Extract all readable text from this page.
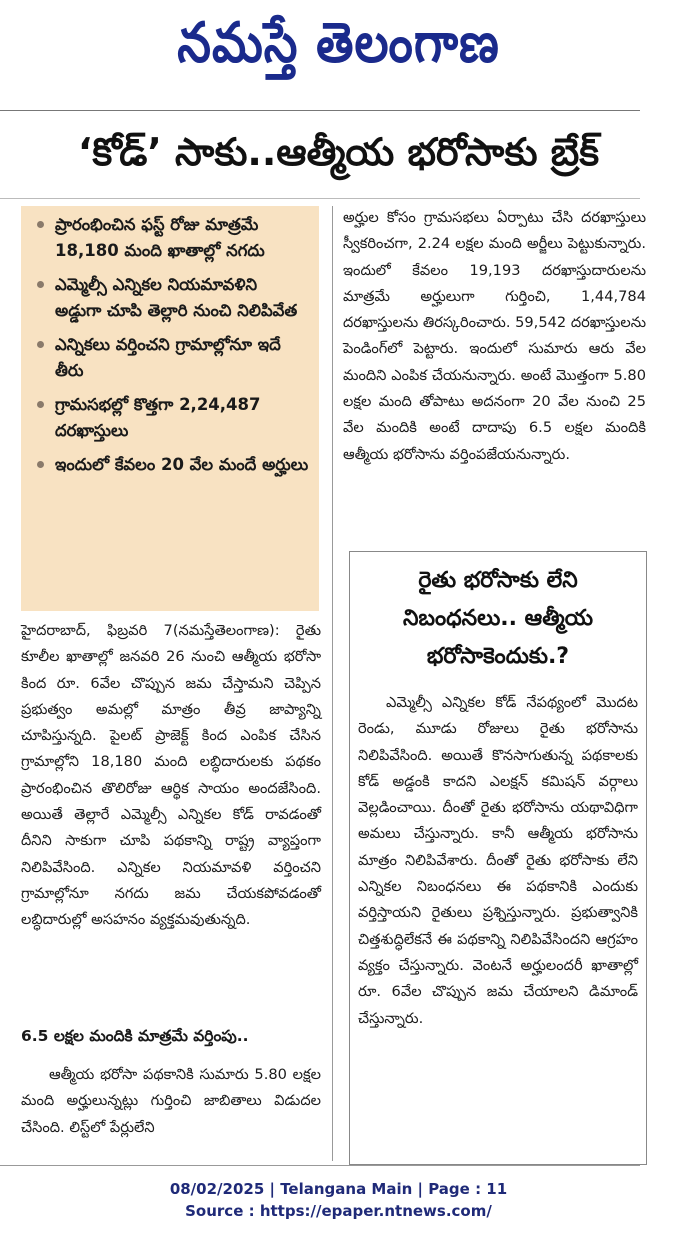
నమస్తే తెలంగాణ
‘కోడ్’ సాకు..ఆత్మీయ భరోసాకు బ్రేక్
ప్రారంభించిన ఫస్ట్ రోజు మాత్రమే 18,180 మంది ఖాతాల్లో నగదు
ఎమ్మెల్సీ ఎన్నికల నియమావళిని అడ్డుగా చూపి తెల్లారి నుంచి నిలిపివేత
ఎన్నికలు వర్తించని గ్రామాల్లోనూ ఇదే తీరు
గ్రామసభల్లో కొత్తగా 2,24,487 దరఖాస్తులు
ఇందులో కేవలం 20 వేల మందే అర్హులు

హైదరాబాద్, ఫిబ్రవరి 7(నమస్తేతెలంగాణ): రైతు కూలీల ఖాతాల్లో జనవరి 26 నుంచి ఆత్మీయ భరోసా కింద రూ. 6వేల చొప్పున జమ చేస్తామని చెప్పిన ప్రభుత్వం అమల్లో మాత్రం తీవ్ర జాప్యాన్ని చూపిస్తున్నది. పైలట్ ప్రాజెక్ట్ కింద ఎంపిక చేసిన గ్రామాల్లోని 18,180 మంది లబ్ధిదారులకు పథకం ప్రారంభించిన తొలిరోజు ఆర్థిక సాయం అందజేసింది. అయితే తెల్లారే ఎమ్మెల్సీ ఎన్నికల కోడ్ రావడంతో దీనిని సాకుగా చూపి పథకాన్ని రాష్ట్ర వ్యాప్తంగా నిలిపివేసింది. ఎన్నికల నియమావళి వర్తించని గ్రామాల్లోనూ నగదు జమ చేయకపోవడంతో లబ్ధిదారుల్లో అసహనం వ్యక్తమవుతున్నది.

6.5 లక్షల మందికి మాత్రమే వర్తింపు..
ఆత్మీయ భరోసా పథకానికి సుమారు 5.80 లక్షల మంది అర్హులున్నట్లు గుర్తించి జాబితాలు విడుదల చేసింది. లిస్ట్‌లో పేర్లులేని
అర్హుల కోసం గ్రామసభలు ఏర్పాటు చేసి దరఖాస్తులు స్వీకరించగా, 2.24 లక్షల మంది అర్జీలు పెట్టుకున్నారు. ఇందులో కేవలం 19,193 దరఖాస్తుదారులను మాత్రమే అర్హులుగా గుర్తించి, 1,44,784 దరఖాస్తులను తిరస్కరించారు. 59,542 దరఖాస్తులను పెండింగ్‌లో పెట్టారు. ఇందులో సుమారు ఆరు వేల మందిని ఎంపిక చేయనున్నారు. అంటే మొత్తంగా 5.80 లక్షల మంది తోపాటు అదనంగా 20 వేల నుంచి 25 వేల మందికి అంటే దాదాపు 6.5 లక్షల మందికి ఆత్మీయ భరోసాను వర్తింపజేయనున్నారు.
రైతు భరోసాకు లేని నిబంధనలు.. ఆత్మీయ భరోసాకెందుకు.?
ఎమ్మెల్సీ ఎన్నికల కోడ్ నేపథ్యంలో మొదట రెండు, మూడు రోజులు రైతు భరోసాను నిలిపివేసింది. అయితే కొనసాగుతున్న పథకాలకు కోడ్ అడ్డంకి కాదని ఎలక్షన్ కమిషన్ వర్గాలు వెల్లడించాయి. దీంతో రైతు భరోసాను యథావిధిగా అమలు చేస్తున్నారు. కానీ ఆత్మీయ భరోసాను మాత్రం నిలిపివేశారు. దీంతో రైతు భరోసాకు లేని ఎన్నికల నిబంధనలు ఈ పథకానికి ఎందుకు వర్తిస్తాయని రైతులు ప్రశ్నిస్తున్నారు. ప్రభుత్వానికి చిత్తశుద్ధిలేకనే ఈ పథకాన్ని నిలిపివేసిందని ఆగ్రహం వ్యక్తం చేస్తున్నారు. వెంటనే అర్హులందరీ ఖాతాల్లో రూ. 6వేల చొప్పున జమ చేయాలని డిమాండ్ చేస్తున్నారు.
08/02/2025 | Telangana Main | Page : 11
Source : https://epaper.ntnews.com/
